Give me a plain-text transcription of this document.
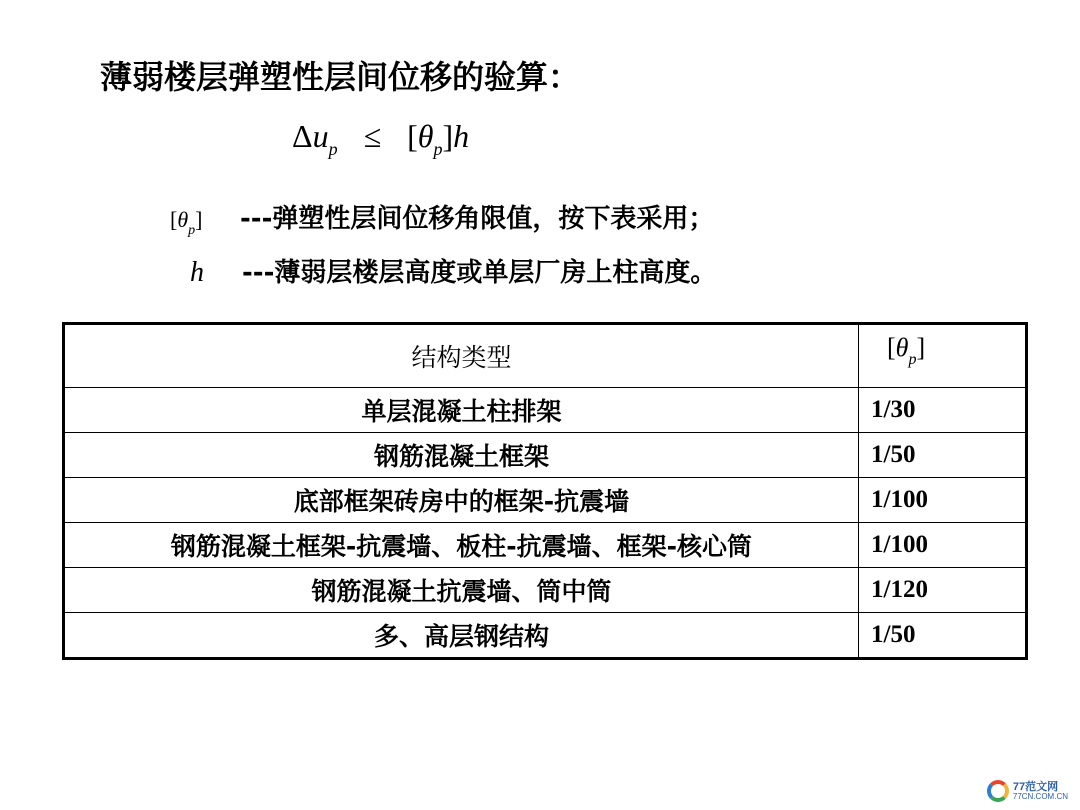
薄弱楼层弹塑性层间位移的验算：
$\Delta u_p \le [\theta_p]h$
$[\theta_p]$ ---弹塑性层间位移角限值，按下表采用；
h ---薄弱层楼层高度或单层厂房上柱高度。
结构类型	$[\theta_p]$
单层混凝土柱排架	1/30
钢筋混凝土框架	1/50
底部框架砖房中的框架-抗震墙	1/100
钢筋混凝土框架-抗震墙、板柱-抗震墙、框架-核心筒	1/100
钢筋混凝土抗震墙、筒中筒	1/120
多、高层钢结构	1/50
77范文网
77CN.COM.CN
